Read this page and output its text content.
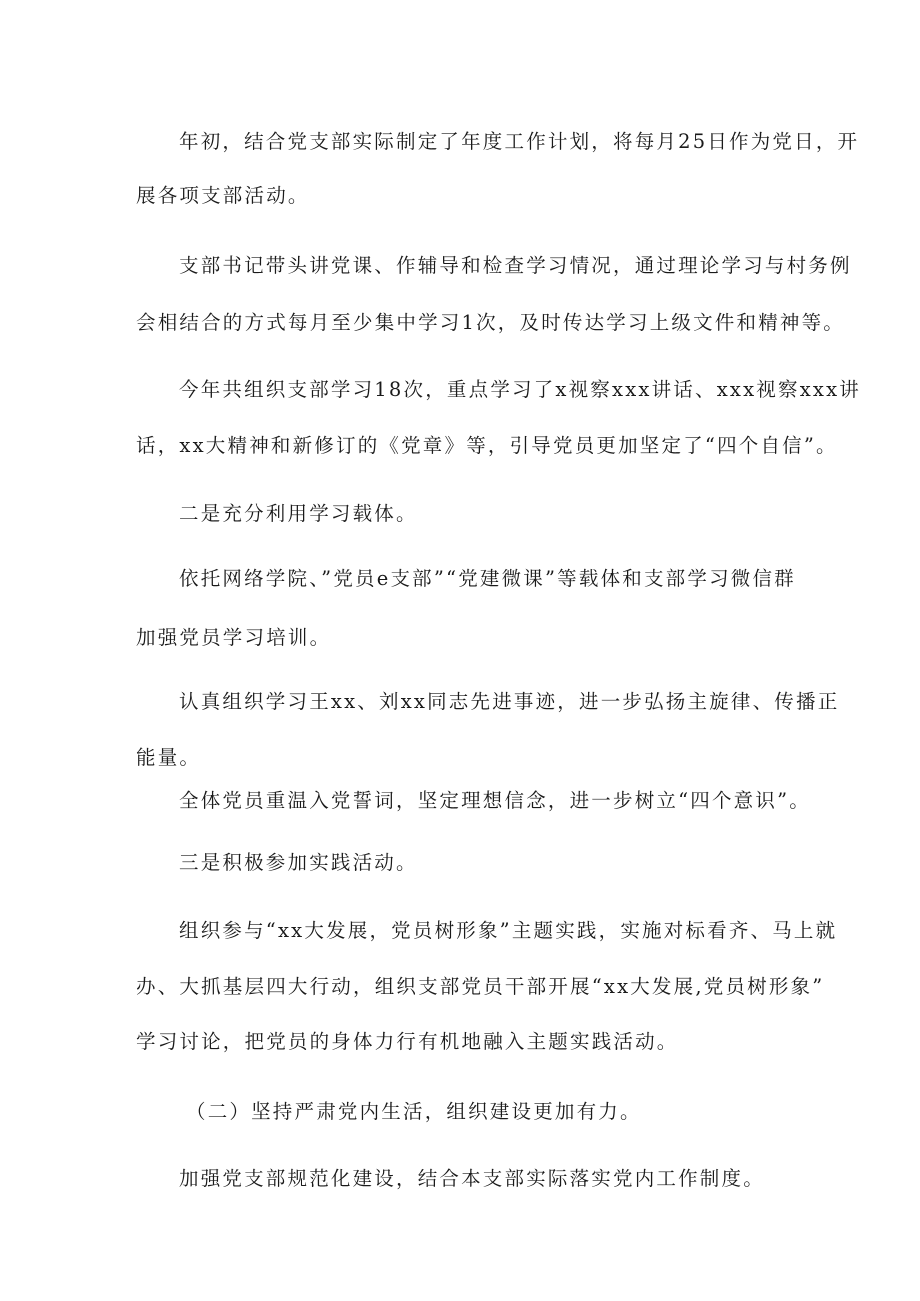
年初，结合党支部实际制定了年度工作计划，将每月25日作为党日，开
展各项支部活动。
支部书记带头讲党课、作辅导和检查学习情况，通过理论学习与村务例
会相结合的方式每月至少集中学习1次，及时传达学习上级文件和精神等。
今年共组织支部学习18次，重点学习了x视察xxx讲话、xxx视察xxx讲
话，xx大精神和新修订的《党章》等，引导党员更加坚定了“四个自信”。
二是充分利用学习载体。
依托网络学院、”党员e支部”“党建微课”等载体和支部学习微信群
加强党员学习培训。
认真组织学习王xx、刘xx同志先进事迹，进一步弘扬主旋律、传播正
能量。
全体党员重温入党誓词，坚定理想信念，进一步树立“四个意识”。
三是积极参加实践活动。
组织参与“xx大发展，党员树形象”主题实践，实施对标看齐、马上就
办、大抓基层四大行动，组织支部党员干部开展“xx大发展,党员树形象”
学习讨论，把党员的身体力行有机地融入主题实践活动。
（二）坚持严肃党内生活，组织建设更加有力。
加强党支部规范化建设，结合本支部实际落实党内工作制度。
